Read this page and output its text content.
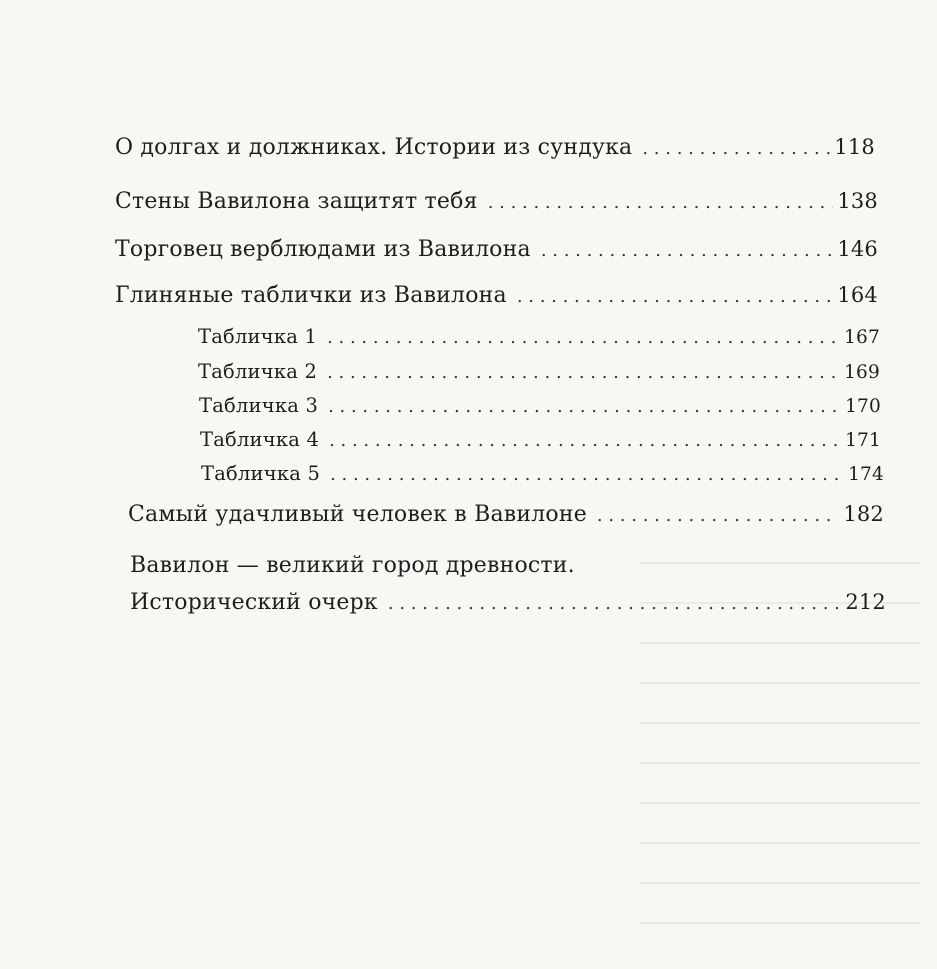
О долгах и должниках. Истории из сундука . . .	118
Стены Вавилона защитят тебя . . .	138
Торговец верблюдами из Вавилона . . .	146
Глиняные таблички из Вавилона . . .	164
Табличка 1 . . .	167
Табличка 2 . . .	169
Табличка 3 . . .	170
Табличка 4 . . .	171
Табличка 5 . . .	174
Самый удачливый человек в Вавилоне . . .	182
Вавилон — великий город древности.
Исторический очерк . . .	212
